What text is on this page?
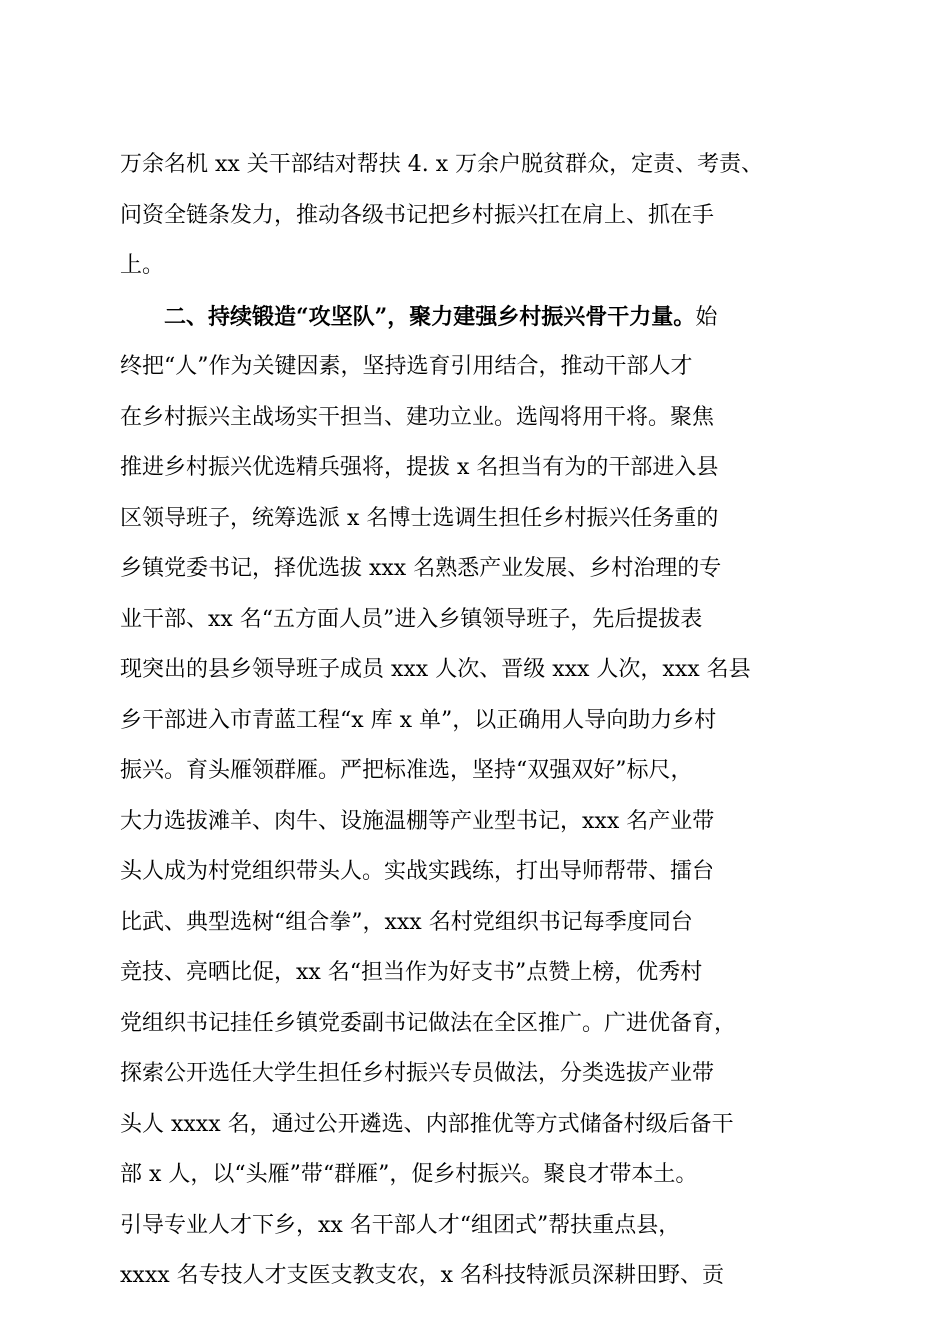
万余名机 xx 关干部结对帮扶 4. x 万余户脱贫群众，定责、考责、
问资全链条发力，推动各级书记把乡村振兴扛在肩上、抓在手
上。
二、持续锻造“攻坚队”，聚力建强乡村振兴骨干力量。始
终把“人”作为关键因素，坚持选育引用结合，推动干部人才
在乡村振兴主战场实干担当、建功立业。选闯将用干将。聚焦
推进乡村振兴优选精兵强将，提拔 x 名担当有为的干部进入县
区领导班子，统筹选派 x 名博士选调生担任乡村振兴任务重的
乡镇党委书记，择优选拔 xxx 名熟悉产业发展、乡村治理的专
业干部、xx 名“五方面人员”进入乡镇领导班子，先后提拔表
现突出的县乡领导班子成员 xxx 人次、晋级 xxx 人次，xxx 名县
乡干部进入市青蓝工程“x 库 x 单”，以正确用人导向助力乡村
振兴。育头雁领群雁。严把标准选，坚持“双强双好”标尺，
大力选拔滩羊、肉牛、设施温棚等产业型书记，xxx 名产业带
头人成为村党组织带头人。实战实践练，打出导师帮带、擂台
比武、典型选树“组合拳”，xxx 名村党组织书记每季度同台
竞技、亮晒比促，xx 名“担当作为好支书”点赞上榜，优秀村
党组织书记挂任乡镇党委副书记做法在全区推广。广进优备育，
探索公开选任大学生担任乡村振兴专员做法，分类选拔产业带
头人 xxxx 名，通过公开遴选、内部推优等方式储备村级后备干
部 x 人，以“头雁”带“群雁”，促乡村振兴。聚良才带本土。
引导专业人才下乡，xx 名干部人才“组团式”帮扶重点县，
xxxx 名专技人才支医支教支农，x 名科技特派员深耕田野、贡
